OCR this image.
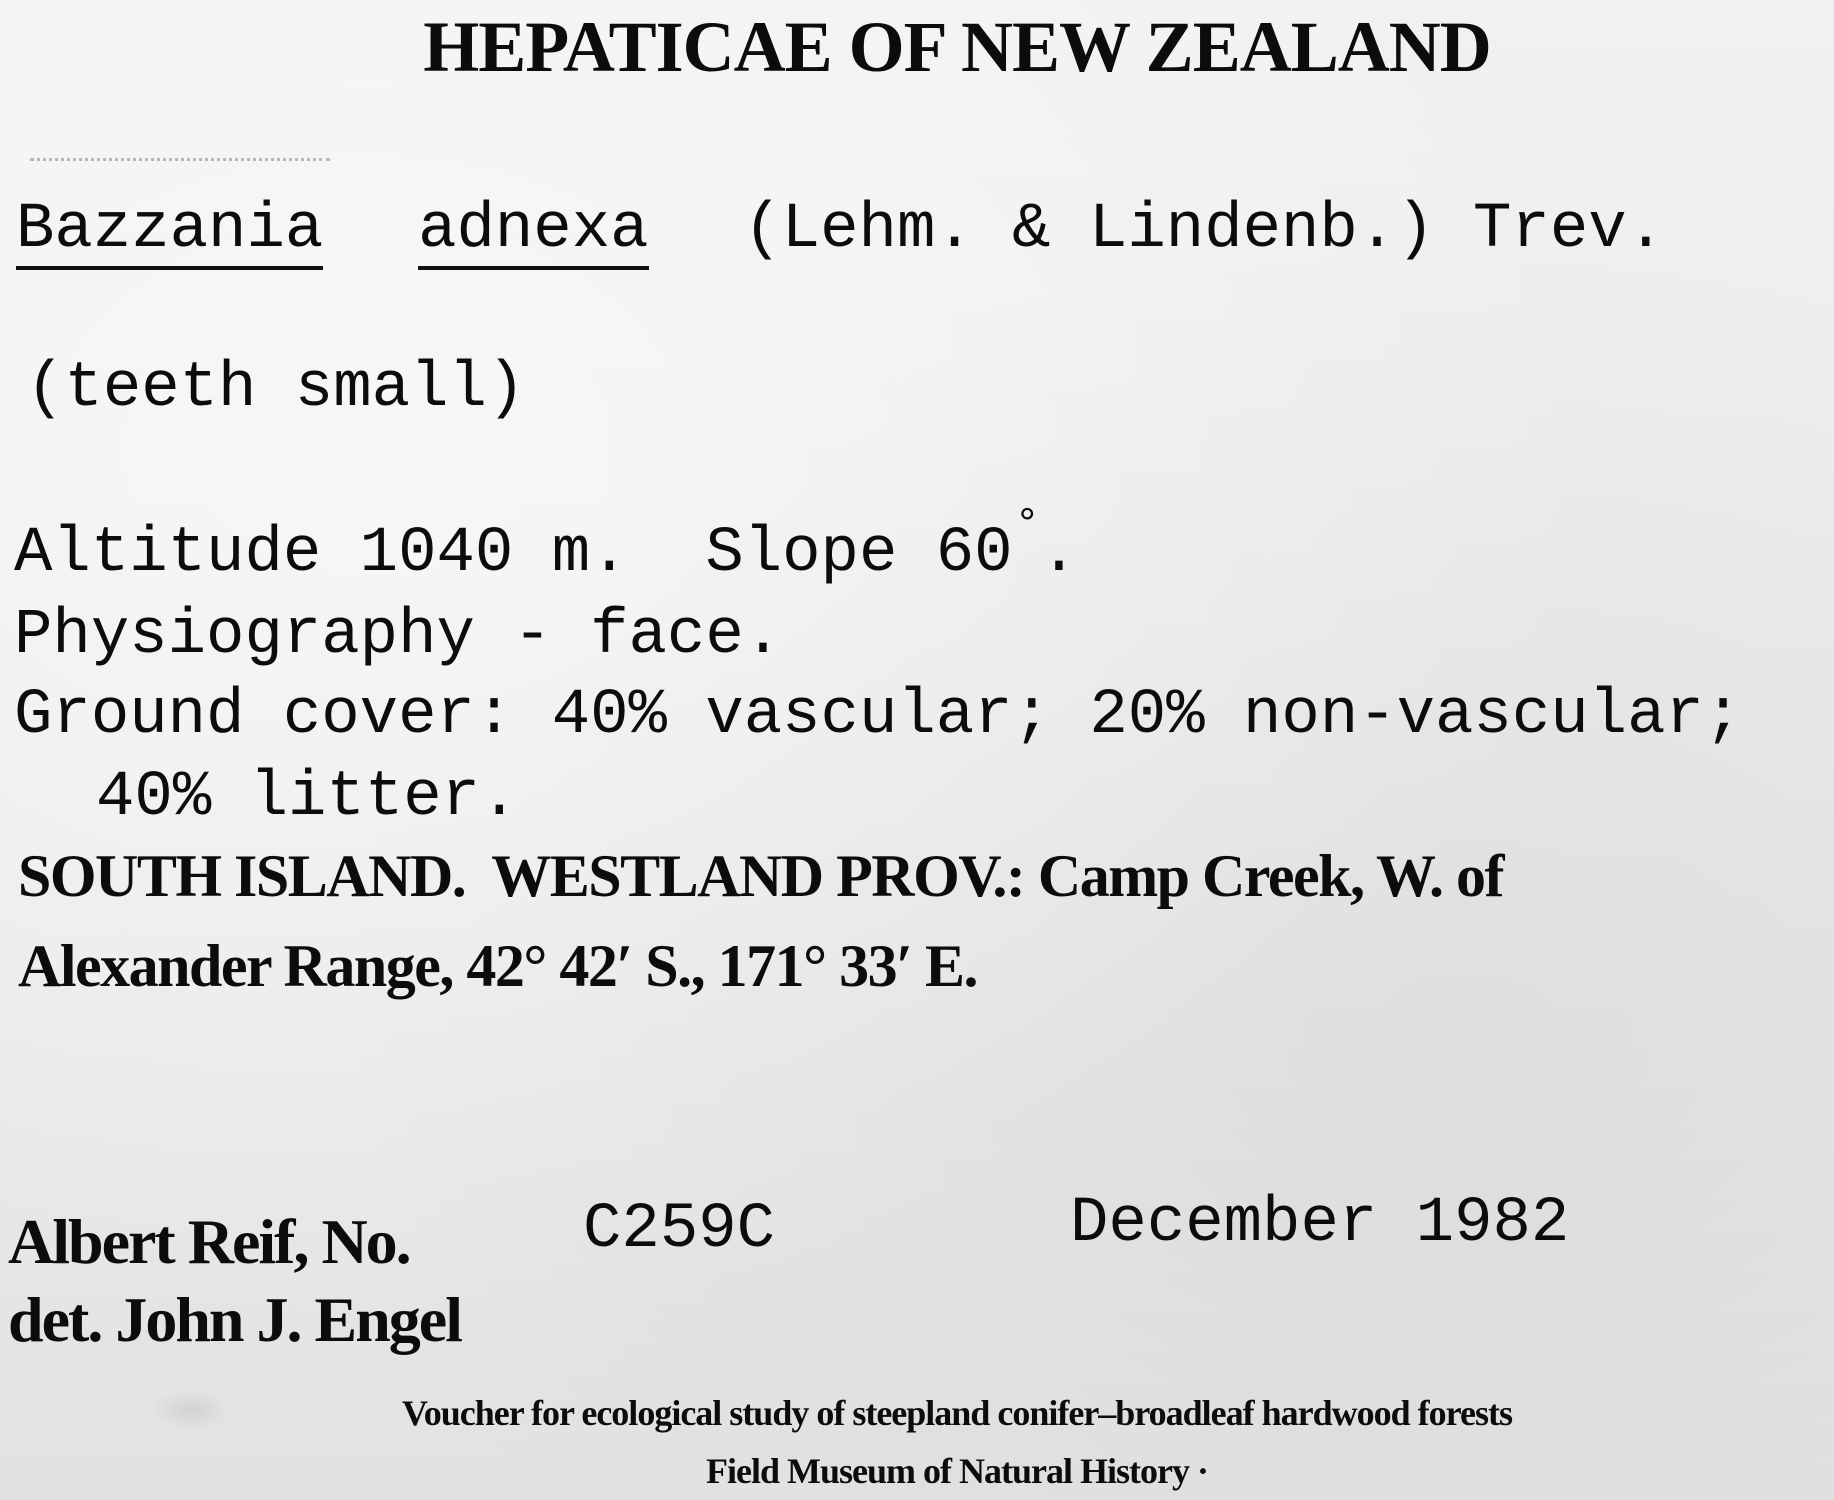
HEPATICAE OF NEW ZEALAND
Bazzania adnexa (Lehm. & Lindenb.) Trev.
(teeth small)
Altitude 1040 m.  Slope 60°.
Physiography - face.
Ground cover: 40% vascular; 20% non-vascular;
40% litter.
SOUTH ISLAND.  WESTLAND PROV.: Camp Creek, W. of
Alexander Range, 42° 42′ S., 171° 33′ E.
Albert Reif, No.	C259C	December 1982
det. John J. Engel
Voucher for ecological study of steepland conifer–broadleaf hardwood forests
Field Museum of Natural History ·
